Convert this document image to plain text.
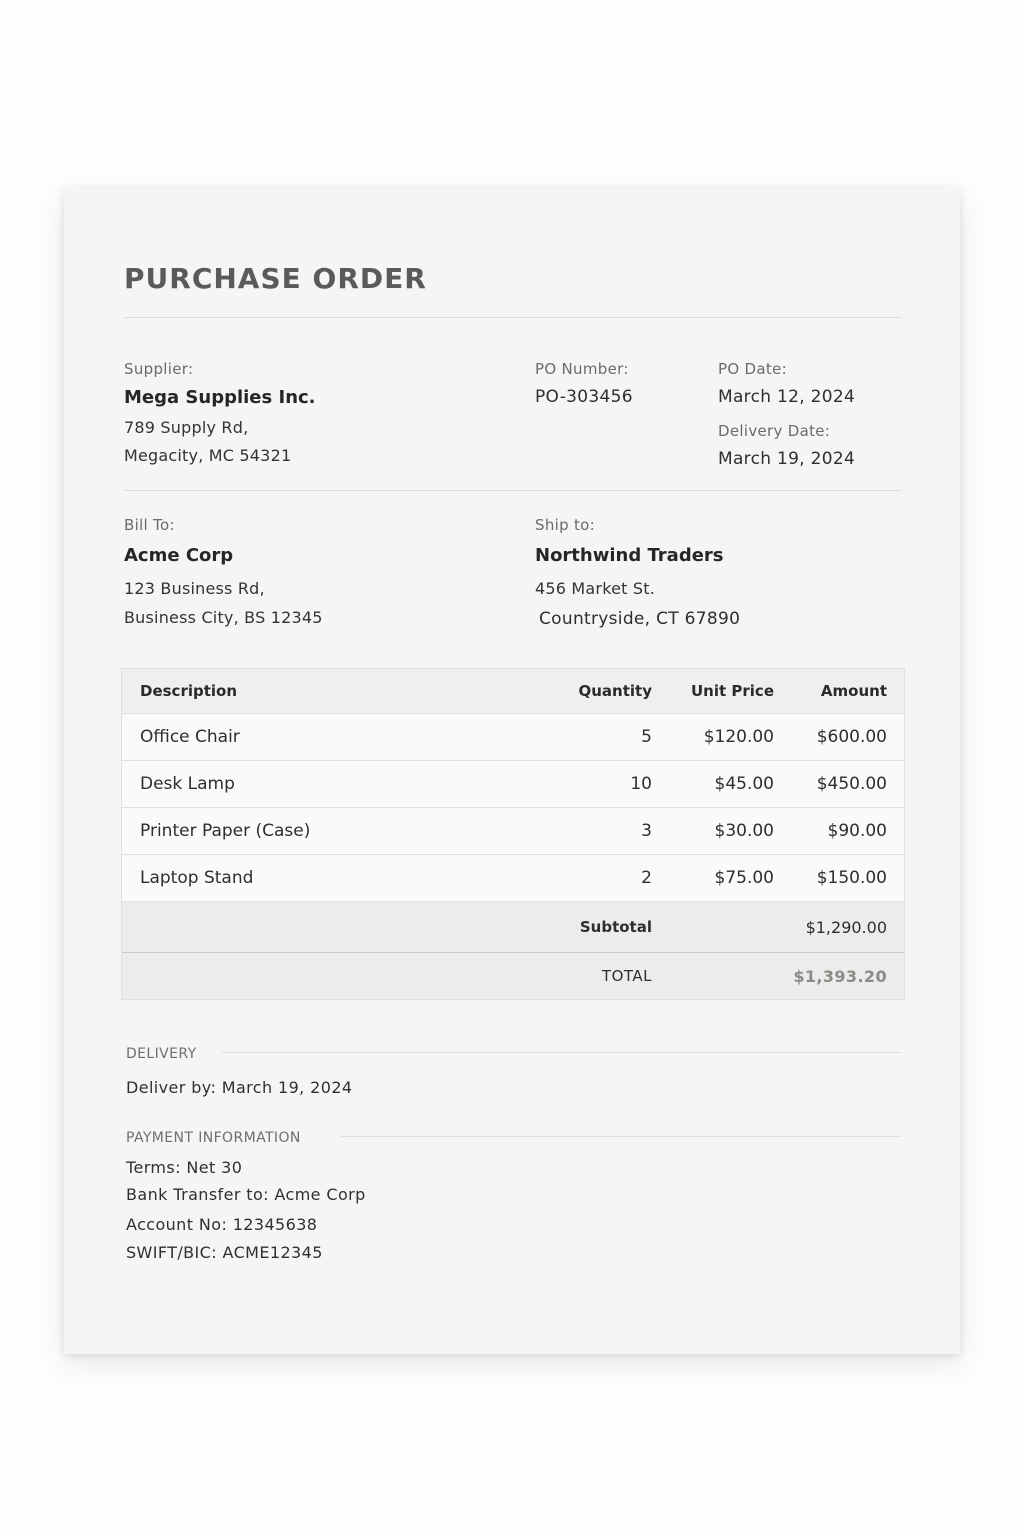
PURCHASE ORDER
Supplier:
Mega Supplies Inc.
789 Supply Rd,
Megacity, MC 54321
PO Number:
PO-303456
PO Date:
March 12, 2024
Delivery Date:
March 19, 2024
Bill To:
Acme Corp
123 Business Rd,
Business City, BS 12345
Ship to:
Northwind Traders
456 Market St.
Countryside, CT 67890
Description	Quantity	Unit Price	Amount
Office Chair	5	$120.00	$600.00
Desk Lamp	10	$45.00	$450.00
Printer Paper (Case)	3	$30.00	$90.00
Laptop Stand	2	$75.00	$150.00
Subtotal	$1,290.00
TOTAL	$1,393.20
DELIVERY
Deliver by: March 19, 2024
PAYMENT INFORMATION
Terms: Net 30
Bank Transfer to: Acme Corp
Account No: 12345638
SWIFT/BIC: ACME12345
